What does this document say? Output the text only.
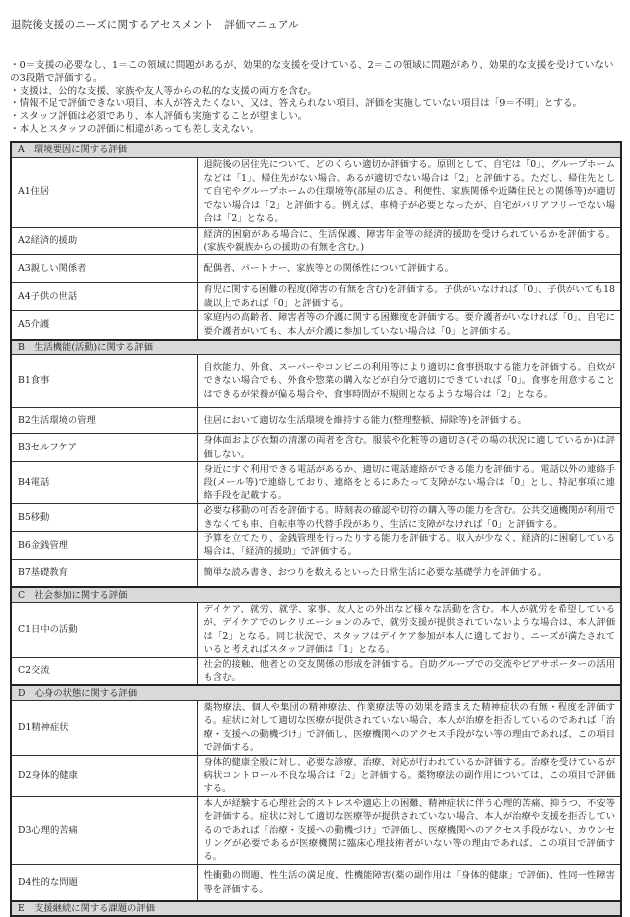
退院後支援のニーズに関するアセスメント　評価マニュアル
・0＝支援の必要なし、1＝この領域に問題があるが、効果的な支援を受けている、2＝この領域に問題があり、効果的な支援を受けていないの3段階で評価する。
・支援は、公的な支援、家族や友人等からの私的な支援の両方を含む。
・情報不足で評価できない項目、本人が答えたくない、又は、答えられない項目、評価を実施していない項目は「9＝不明」とする。
・スタッフ評価は必須であり、本人評価も実施することが望ましい。
・本人とスタッフの評価に相違があっても差し支えない。
A　環境要因に関する評価	
A1住居	退院後の居住先について、どのくらい適切か評価する。原則として、自宅は「0」、グループホームなどは「1」、帰住先がない場合、あるが適切でない場合は「2」と評価する。ただし、帰住先として自宅やグループホームの住環境等(部屋の広さ、利便性、家族関係や近隣住民との関係等)が適切でない場合は「2」と評価する。例えば、車椅子が必要となったが、自宅がバリアフリーでない場合は「2」となる。
A2経済的援助	経済的困窮がある場合に、生活保護、障害年金等の経済的援助を受けられているかを評価する。(家族や親族からの援助の有無を含む。)
A3親しい関係者	配偶者、パートナー、家族等との関係性について評価する。
A4子供の世話	育児に関する困難の程度(障害の有無を含む)を評価する。子供がいなければ「0」、子供がいても18歳以上であれば「0」と評価する。
A5介護	家庭内の高齢者、障害者等の介護に関する困難度を評価する。要介護者がいなければ「0」、自宅に要介護者がいても、本人が介護に参加していない場合は「0」と評価する。
B　生活機能(活動)に関する評価	
B1食事	自炊能力、外食、スーパーやコンビニの利用等により適切に食事摂取する能力を評価する。自炊ができない場合でも、外食や惣菜の購入などが自分で適切にできていれば「0」。食事を用意することはできるが栄養が偏る場合や、食事時間が不規則となるような場合は「2」となる。
B2生活環境の管理	住居において適切な生活環境を維持する能力(整理整頓、掃除等)を評価する。
B3セルフケア	身体面および衣類の清潔の両者を含む。服装や化粧等の適切さ(その場の状況に適しているか)は評価しない。
B4電話	身近にすぐ利用できる電話があるか、適切に電話連絡ができる能力を評価する。電話以外の連絡手段(メール等)で連絡しており、連絡をとるにあたって支障がない場合は「0」とし、特記事項に連絡手段を記載する。
B5移動	必要な移動の可否を評価する。時刻表の確認や切符の購入等の能力を含む。公共交通機関が利用できなくても車、自転車等の代替手段があり、生活に支障がなければ「0」と評価する。
B6金銭管理	予算を立てたり、金銭管理を行ったりする能力を評価する。収入が少なく、経済的に困窮している場合は、「経済的援助」で評価する。
B7基礎教育	簡単な読み書き、おつりを数えるといった日常生活に必要な基礎学力を評価する。
C　社会参加に関する評価	
C1日中の活動	デイケア、就労、就学、家事、友人との外出など様々な活動を含む。本人が就労を希望しているが、デイケアでのレクリエーションのみで、就労支援が提供されていないような場合は、本人評価は「2」となる。同じ状況で、スタッフはデイケア参加が本人に適しており、ニーズが満たされていると考えればスタッフ評価は「1」となる。
C2交流	社会的接触、他者との交友関係の形成を評価する。自助グループでの交流やピアサポーターの活用も含む。
D　心身の状態に関する評価	
D1精神症状	薬物療法、個人や集団の精神療法、作業療法等の効果を踏まえた精神症状の有無・程度を評価する。症状に対して適切な医療が提供されていない場合、本人が治療を拒否しているのであれば「治療・支援への動機づけ」で評価し、医療機関へのアクセス手段がない等の理由であれば、この項目で評価する。
D2身体的健康	身体的健康全般に対し、必要な診療、治療、対応が行われているか評価する。治療を受けているが病状コントロール不良な場合は「2」と評価する。薬物療法の副作用については、この項目で評価する。
D3心理的苦痛	本人が経験する心理社会的ストレスや適応上の困難、精神症状に伴う心理的苦痛、抑うつ、不安等を評価する。症状に対して適切な医療等が提供されていない場合、本人が治療や支援を拒否しているのであれば「治療・支援への動機づけ」で評価し、医療機関へのアクセス手段がない、カウンセリングが必要であるが医療機関に臨床心理技術者がいない等の理由であれば、この項目で評価する。
D4性的な問題	性衝動の問題、性生活の満足度、性機能障害(薬の副作用は「身体的健康」で評価)、性同一性障害等を評価する。
E　支援継続に関する課題の評価	
